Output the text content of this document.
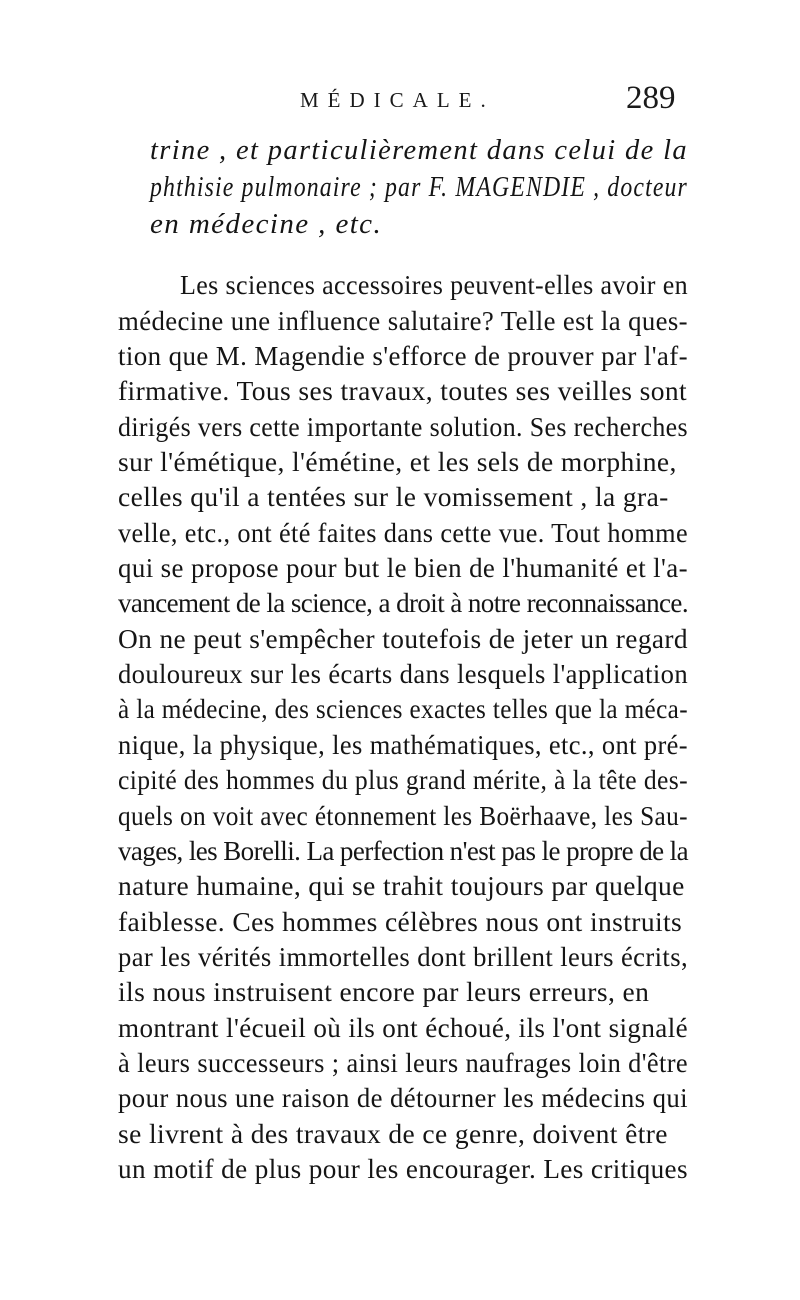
MÉDICALE.	289
trine , et particulièrement dans celui de la
phthisie pulmonaire ; par F. MAGENDIE , docteur
en médecine , etc.
Les sciences accessoires peuvent-elles avoir en
médecine une influence salutaire? Telle est la ques-
tion que M. Magendie s'efforce de prouver par l'af-
firmative. Tous ses travaux, toutes ses veilles sont
dirigés vers cette importante solution. Ses recherches
sur l'émétique, l'émétine, et les sels de morphine,
celles qu'il a tentées sur le vomissement , la gra-
velle, etc., ont été faites dans cette vue. Tout homme
qui se propose pour but le bien de l'humanité et l'a-
vancement de la science, a droit à notre reconnaissance.
On ne peut s'empêcher toutefois de jeter un regard
douloureux sur les écarts dans lesquels l'application
à la médecine, des sciences exactes telles que la méca-
nique, la physique, les mathématiques, etc., ont pré-
cipité des hommes du plus grand mérite, à la tête des-
quels on voit avec étonnement les Boërhaave, les Sau-
vages, les Borelli. La perfection n'est pas le propre de la
nature humaine, qui se trahit toujours par quelque
faiblesse. Ces hommes célèbres nous ont instruits
par les vérités immortelles dont brillent leurs écrits,
ils nous instruisent encore par leurs erreurs, en
montrant l'écueil où ils ont échoué, ils l'ont signalé
à leurs successeurs ; ainsi leurs naufrages loin d'être
pour nous une raison de détourner les médecins qui
se livrent à des travaux de ce genre, doivent être
un motif de plus pour les encourager. Les critiques
